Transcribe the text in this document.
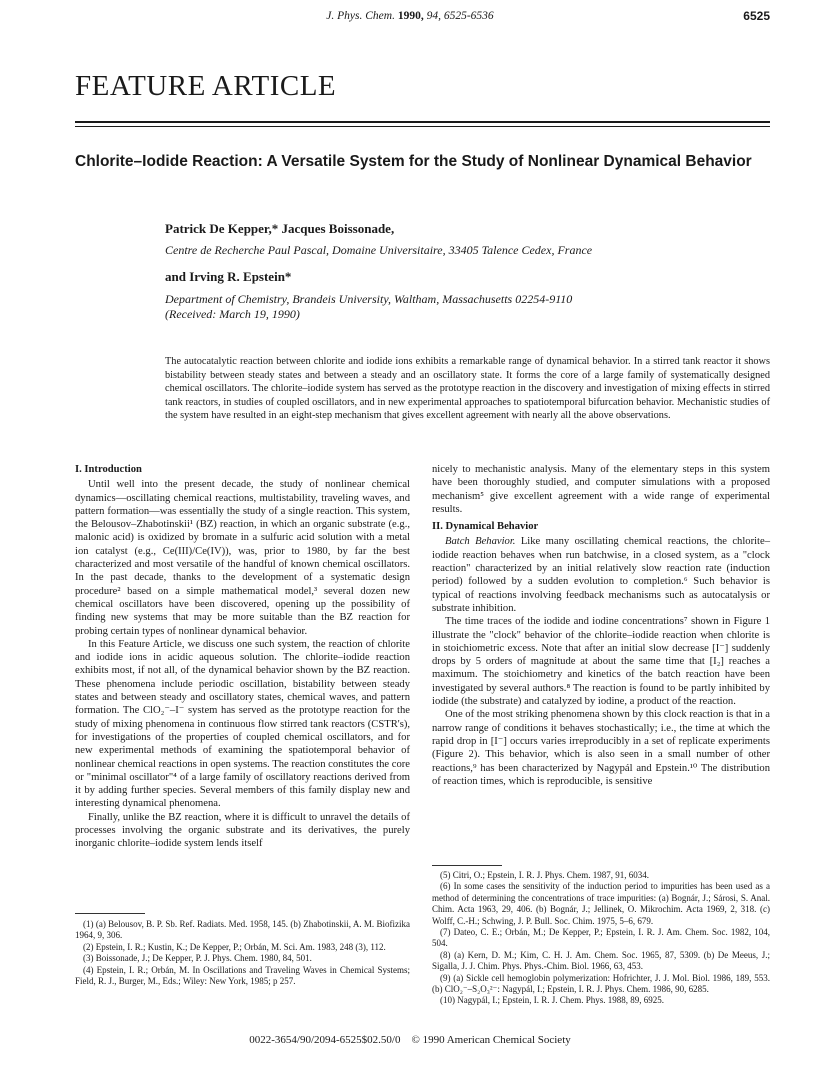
J. Phys. Chem. 1990, 94, 6525-6536	6525
FEATURE ARTICLE
Chlorite–Iodide Reaction: A Versatile System for the Study of Nonlinear Dynamical Behavior
Patrick De Kepper,* Jacques Boissonade,
Centre de Recherche Paul Pascal, Domaine Universitaire, 33405 Talence Cedex, France
and Irving R. Epstein*
Department of Chemistry, Brandeis University, Waltham, Massachusetts 02254-9110
(Received: March 19, 1990)
The autocatalytic reaction between chlorite and iodide ions exhibits a remarkable range of dynamical behavior. In a stirred tank reactor it shows bistability between steady states and between a steady and an oscillatory state. It forms the core of a large family of systematically designed chemical oscillators. The chlorite–iodide system has served as the prototype reaction in the discovery and investigation of mixing effects in stirred tank reactors, in studies of coupled oscillators, and in new experimental approaches to spatiotemporal bifurcation behavior. Mechanistic studies of the system have resulted in an eight-step mechanism that gives excellent agreement with nearly all the above observations.

I. Introduction

Until well into the present decade, the study of nonlinear chemical dynamics—oscillating chemical reactions, multistability, traveling waves, and pattern formation—was essentially the study of a single reaction. This system, the Belousov–Zhabotinskii¹ (BZ) reaction, in which an organic substrate (e.g., malonic acid) is oxidized by bromate in a sulfuric acid solution with a metal ion catalyst (e.g., Ce(III)/Ce(IV)), was, prior to 1980, by far the best characterized and most versatile of the handful of known chemical oscillators. In the past decade, thanks to the development of a systematic design procedure² based on a simple mathematical model,³ several dozen new chemical oscillators have been discovered, opening up the possibility of finding new systems that may be more suitable than the BZ reaction for probing certain types of nonlinear dynamical behavior.

In this Feature Article, we discuss one such system, the reaction of chlorite and iodide ions in acidic aqueous solution. The chlorite–iodide reaction exhibits most, if not all, of the dynamical behavior shown by the BZ reaction. These phenomena include periodic oscillation, bistability between steady states and between steady and oscillatory states, chemical waves, and pattern formation. The ClO₂⁻–I⁻ system has served as the prototype reaction for the study of mixing phenomena in continuous flow stirred tank reactors (CSTR's), for investigations of the properties of coupled chemical oscillators, and for new experimental methods of examining the spatiotemporal behavior of nonlinear chemical reactions in open systems. The reaction constitutes the core or "minimal oscillator"⁴ of a large family of oscillatory reactions derived from it by adding further species. Several members of this family display new and interesting dynamical phenomena.

Finally, unlike the BZ reaction, where it is difficult to unravel the details of processes involving the organic substrate and its derivatives, the purely inorganic chlorite–iodide system lends itself

(1) (a) Belousov, B. P. Sb. Ref. Radiats. Med. 1958, 145. (b) Zhabotinskii, A. M. Biofizika 1964, 9, 306.

(2) Epstein, I. R.; Kustin, K.; De Kepper, P.; Orbán, M. Sci. Am. 1983, 248 (3), 112.

(3) Boissonade, J.; De Kepper, P. J. Phys. Chem. 1980, 84, 501.

(4) Epstein, I. R.; Orbán, M. In Oscillations and Traveling Waves in Chemical Systems; Field, R. J., Burger, M., Eds.; Wiley: New York, 1985; p 257.

nicely to mechanistic analysis. Many of the elementary steps in this system have been thoroughly studied, and computer simulations with a proposed mechanism⁵ give excellent agreement with a wide range of experimental results.

II. Dynamical Behavior

Batch Behavior. Like many oscillating chemical reactions, the chlorite–iodide reaction behaves when run batchwise, in a closed system, as a "clock reaction" characterized by an initial relatively slow reaction rate (induction period) followed by a sudden evolution to completion.⁶ Such behavior is typical of reactions involving feedback mechanisms such as autocatalysis or substrate inhibition.

The time traces of the iodide and iodine concentrations⁷ shown in Figure 1 illustrate the "clock" behavior of the chlorite–iodide reaction when chlorite is in stoichiometric excess. Note that after an initial slow decrease [I⁻] suddenly drops by 5 orders of magnitude at about the same time that [I₂] reaches a maximum. The stoichiometry and kinetics of the batch reaction have been investigated by several authors.⁸ The reaction is found to be partly inhibited by iodide (the substrate) and catalyzed by iodine, a product of the reaction.

One of the most striking phenomena shown by this clock reaction is that in a narrow range of conditions it behaves stochastically; i.e., the time at which the rapid drop in [I⁻] occurs varies irreproducibly in a set of replicate experiments (Figure 2). This behavior, which is also seen in a small number of other reactions,⁹ has been characterized by Nagypál and Epstein.¹⁰ The distribution of reaction times, which is reproducible, is sensitive

(5) Citri, O.; Epstein, I. R. J. Phys. Chem. 1987, 91, 6034.

(6) In some cases the sensitivity of the induction period to impurities has been used as a method of determining the concentrations of trace impurities: (a) Bognár, J.; Sárosi, S. Anal. Chim. Acta 1963, 29, 406. (b) Bognár, J.; Jellinek, O. Mikrochim. Acta 1969, 2, 318. (c) Wolff, C.-H.; Schwing, J. P. Bull. Soc. Chim. 1975, 5–6, 679.

(7) Dateo, C. E.; Orbán, M.; De Kepper, P.; Epstein, I. R. J. Am. Chem. Soc. 1982, 104, 504.

(8) (a) Kern, D. M.; Kim, C. H. J. Am. Chem. Soc. 1965, 87, 5309. (b) De Meeus, J.; Sigalla, J. J. Chim. Phys. Phys.-Chim. Biol. 1966, 63, 453.

(9) (a) Sickle cell hemoglobin polymerization: Hofrichter, J. J. Mol. Biol. 1986, 189, 553. (b) ClO₂⁻–S₂O₃²⁻: Nagypál, I.; Epstein, I. R. J. Phys. Chem. 1986, 90, 6285.

(10) Nagypál, I.; Epstein, I. R. J. Chem. Phys. 1988, 89, 6925.

0022-3654/90/2094-6525$02.50/0 © 1990 American Chemical Society
